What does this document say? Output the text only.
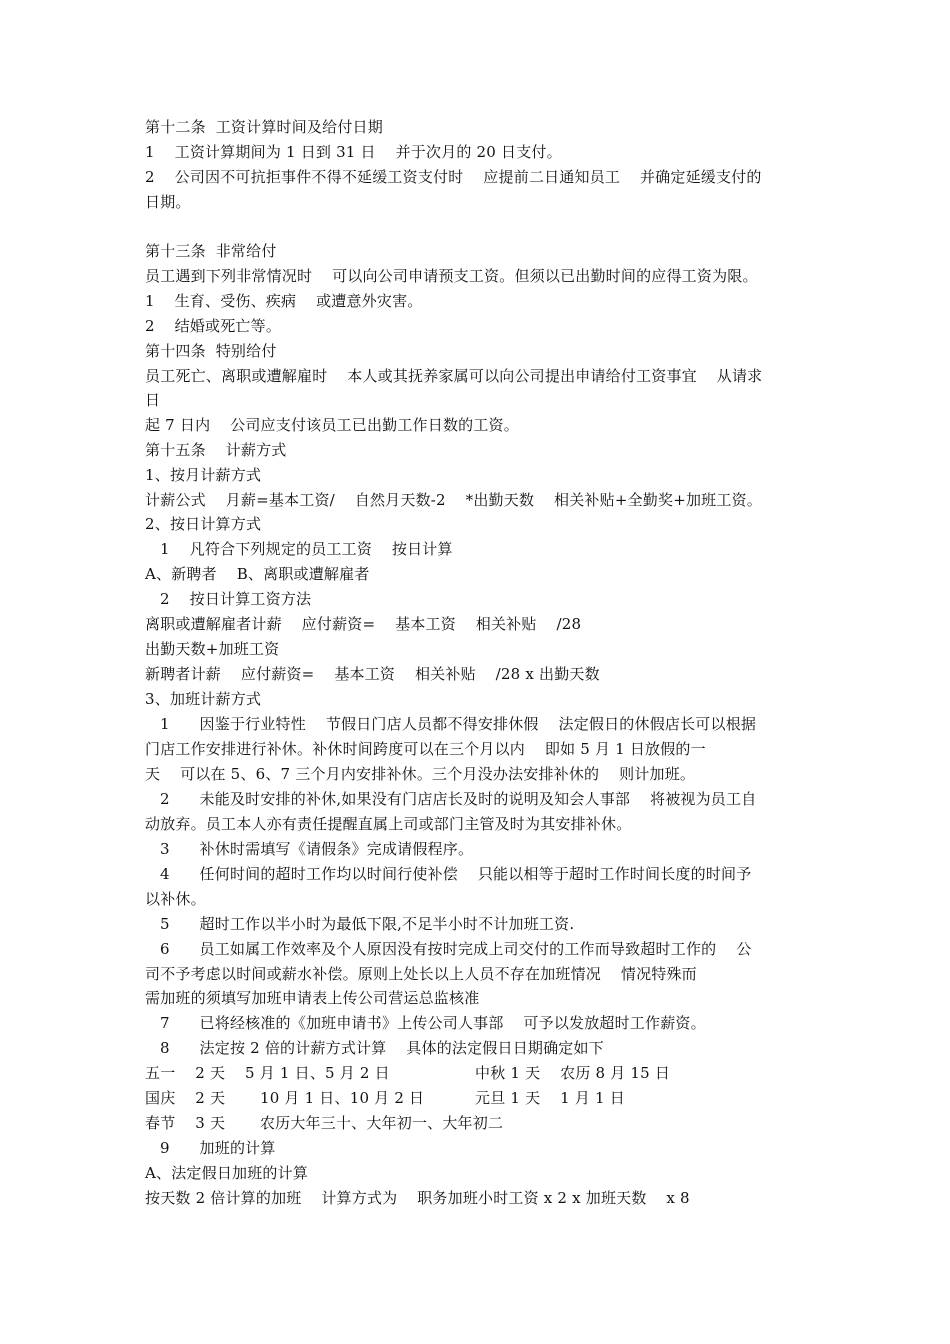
第十二条  工资计算时间及给付日期
1    工资计算期间为 1 日到 31 日    并于次月的 20 日支付。
2    公司因不可抗拒事件不得不延缓工资支付时    应提前二日通知员工    并确定延缓支付的
日期。
第十三条  非常给付
员工遇到下列非常情况时    可以向公司申请预支工资。但须以已出勤时间的应得工资为限。
1    生育、受伤、疾病    或遭意外灾害。
2    结婚或死亡等。
第十四条  特别给付
员工死亡、离职或遭解雇时    本人或其抚养家属可以向公司提出申请给付工资事宜    从请求
日
起 7 日内    公司应支付该员工已出勤工作日数的工资。
第十五条    计薪方式
1、按月计薪方式
计薪公式    月薪=基本工资/    自然月天数-2    *出勤天数    相关补贴+全勤奖+加班工资。
2、按日计算方式
1    凡符合下列规定的员工工资    按日计算
A、新聘者    B、离职或遭解雇者
2    按日计算工资方法
离职或遭解雇者计薪    应付薪资=    基本工资    相关补贴    /28
出勤天数+加班工资
新聘者计薪    应付薪资=    基本工资    相关补贴    /28 x 出勤天数
3、加班计薪方式
1      因鉴于行业特性    节假日门店人员都不得安排休假    法定假日的休假店长可以根据
门店工作安排进行补休。补休时间跨度可以在三个月以内    即如 5 月 1 日放假的一
天    可以在 5、6、7 三个月内安排补休。三个月没办法安排补休的    则计加班。
2      未能及时安排的补休,如果没有门店店长及时的说明及知会人事部    将被视为员工自
动放弃。员工本人亦有责任提醒直属上司或部门主管及时为其安排补休。
3      补休时需填写《请假条》完成请假程序。
4      任何时间的超时工作均以时间行使补偿    只能以相等于超时工作时间长度的时间予
以补休。
5      超时工作以半小时为最低下限,不足半小时不计加班工资.
6      员工如属工作效率及个人原因没有按时完成上司交付的工作而导致超时工作的    公
司不予考虑以时间或薪水补偿。原则上处长以上人员不存在加班情况    情况特殊而
需加班的须填写加班申请表上传公司营运总监核准
7      已将经核准的《加班申请书》上传公司人事部    可予以发放超时工作薪资。
8      法定按 2 倍的计薪方式计算    具体的法定假日日期确定如下
五一    2 天    5 月 1 日、5 月 2 日	中秋 1 天    农历 8 月 15 日
国庆    2 天       10 月 1 日、10 月 2 日	元旦 1 天    1 月 1 日
春节    3 天       农历大年三十、大年初一、大年初二
9      加班的计算
A、法定假日加班的计算
按天数 2 倍计算的加班    计算方式为    职务加班小时工资 x 2 x 加班天数    x 8
